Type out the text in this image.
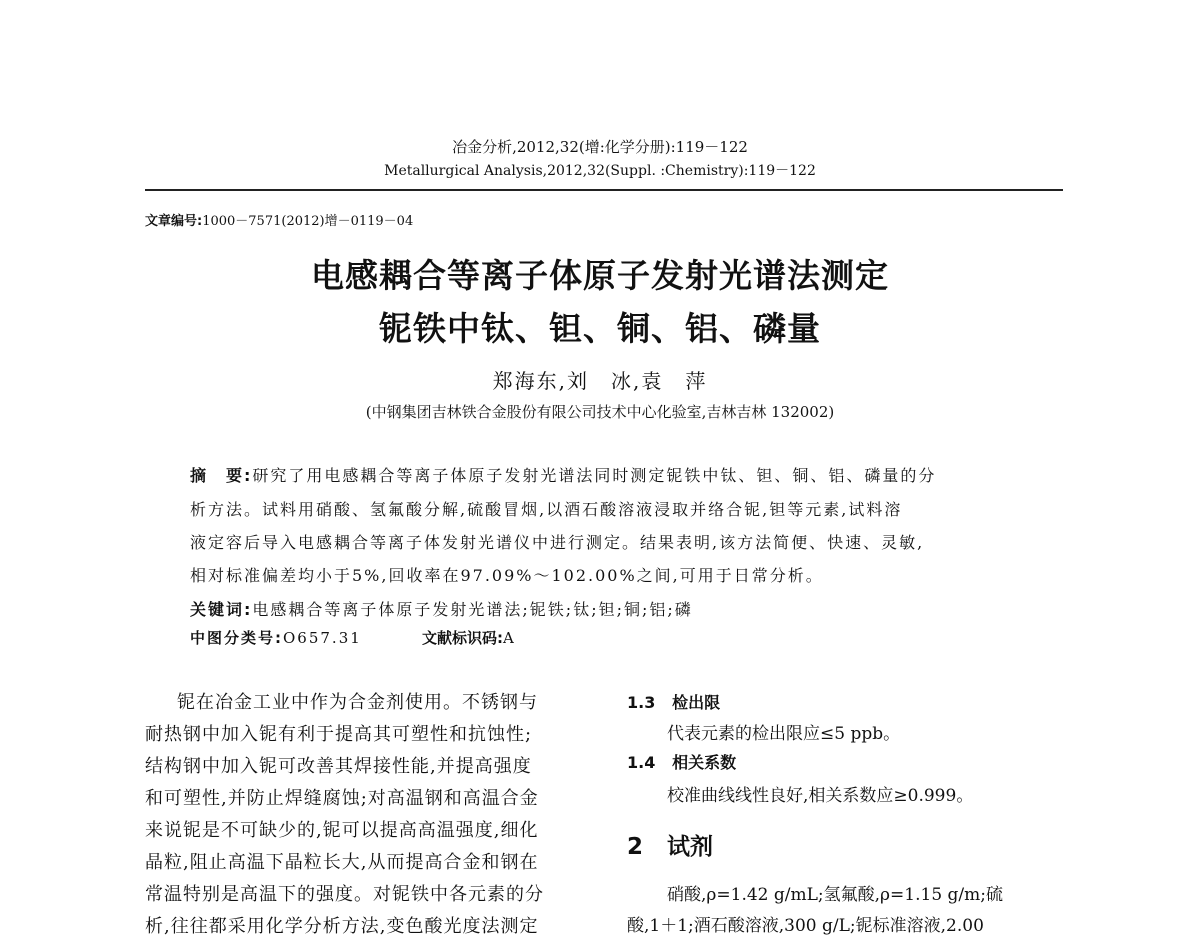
冶金分析,2012,32(增:化学分册):119－122
Metallurgical Analysis,2012,32(Suppl. :Chemistry):119－122
文章编号:1000－7571(2012)增－0119－04
电感耦合等离子体原子发射光谱法测定
铌铁中钛、钽、铜、铝、磷量
郑海东,刘　冰,袁　萍
(中钢集团吉林铁合金股份有限公司技术中心化验室,吉林吉林 132002)
摘　要:研究了用电感耦合等离子体原子发射光谱法同时测定铌铁中钛、钽、铜、铝、磷量的分
析方法。试料用硝酸、氢氟酸分解,硫酸冒烟,以酒石酸溶液浸取并络合铌,钽等元素,试料溶
液定容后导入电感耦合等离子体发射光谱仪中进行测定。结果表明,该方法简便、快速、灵敏,
相对标准偏差均小于5%,回收率在97.09%～102.00%之间,可用于日常分析。
关键词:电感耦合等离子体原子发射光谱法;铌铁;钛;钽;铜;铝;磷
中图分类号:O657.31	文献标识码:A
铌在冶金工业中作为合金剂使用。不锈钢与
耐热钢中加入铌有利于提高其可塑性和抗蚀性;
结构钢中加入铌可改善其焊接性能,并提高强度
和可塑性,并防止焊缝腐蚀;对高温钢和高温合金
来说铌是不可缺少的,铌可以提高高温强度,细化
晶粒,阻止高温下晶粒长大,从而提高合金和钢在
常温特别是高温下的强度。对铌铁中各元素的分
析,往往都采用化学分析方法,变色酸光度法测定
1.3 检出限
代表元素的检出限应≤5 ppb。
1.4 相关系数
校准曲线线性良好,相关系数应≥0.999。
2 试剂
硝酸,ρ=1.42 g/mL;氢氟酸,ρ=1.15 g/m;硫
酸,1＋1;酒石酸溶液,300 g/L;铌标准溶液,2.00
